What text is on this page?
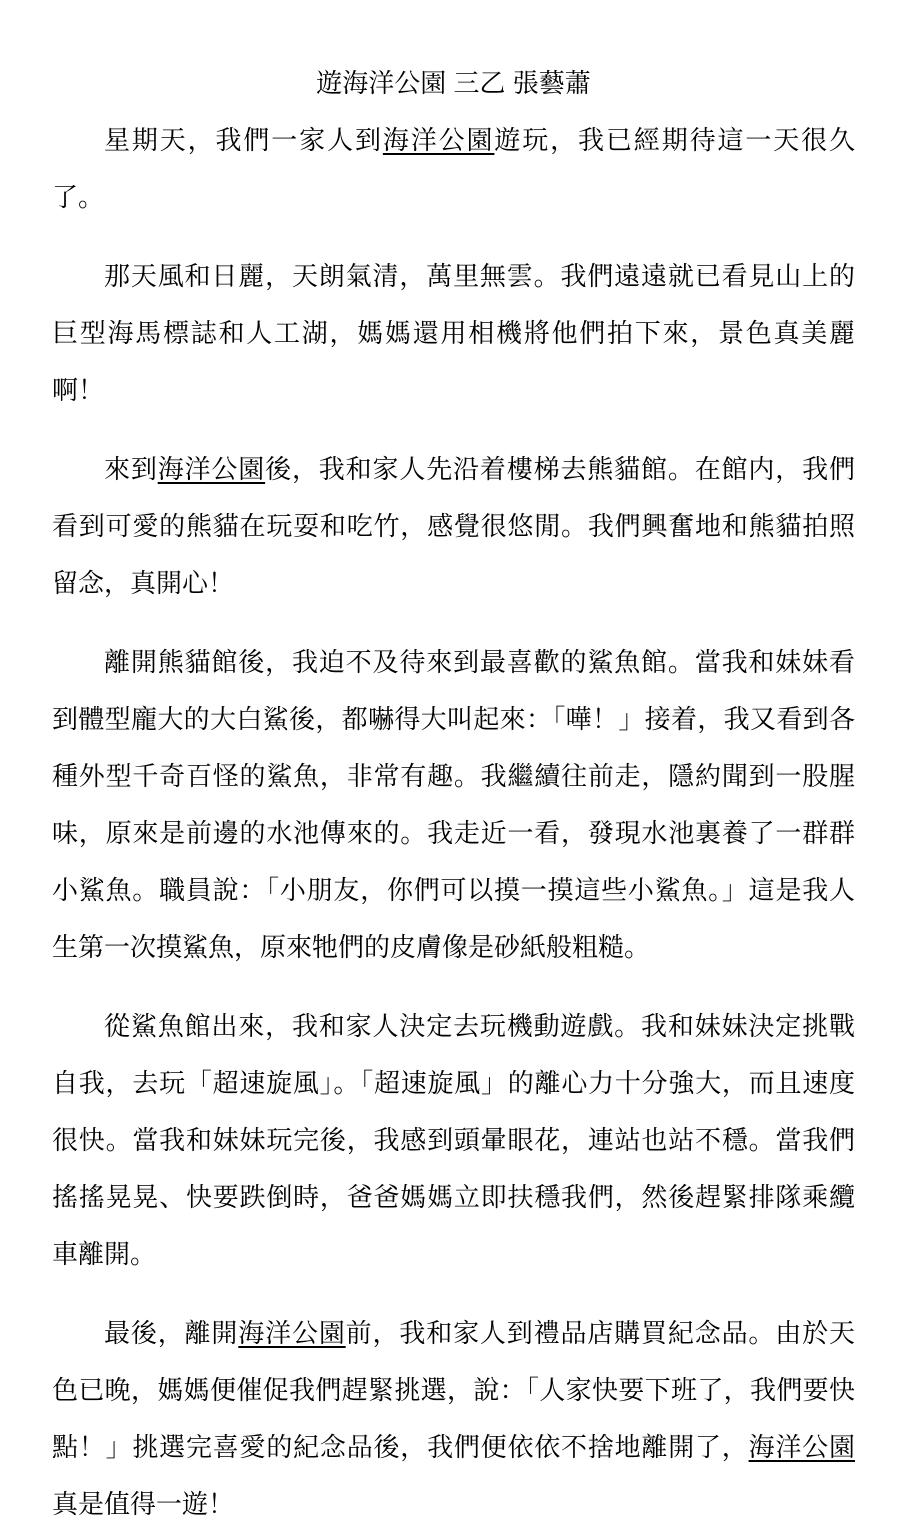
遊海洋公園 三乙 張藝蕭

星期天，我們一家人到海洋公園遊玩，我已經期待這一天很久了。

那天風和日麗，天朗氣清，萬里無雲。我們遠遠就已看見山上的巨型海馬標誌和人工湖，媽媽還用相機將他們拍下來，景色真美麗啊！

來到海洋公園後，我和家人先沿着樓梯去熊貓館。在館内，我們看到可愛的熊貓在玩耍和吃竹，感覺很悠閒。我們興奮地和熊貓拍照留念，真開心！

離開熊貓館後，我迫不及待來到最喜歡的鯊魚館。當我和妹妹看到體型龐大的大白鯊後，都嚇得大叫起來：「嘩！」接着，我又看到各種外型千奇百怪的鯊魚，非常有趣。我繼續往前走，隱約聞到一股腥味，原來是前邊的水池傳來的。我走近一看，發現水池裏養了一群群小鯊魚。職員說：「小朋友，你們可以摸一摸這些小鯊魚。」這是我人生第一次摸鯊魚，原來牠們的皮膚像是砂紙般粗糙。

從鯊魚館出來，我和家人決定去玩機動遊戲。我和妹妹決定挑戰自我，去玩「超速旋風」。「超速旋風」的離心力十分強大，而且速度很快。當我和妹妹玩完後，我感到頭暈眼花，連站也站不穩。當我們搖搖晃晃、快要跌倒時，爸爸媽媽立即扶穩我們，然後趕緊排隊乘纜車離開。

最後，離開海洋公園前，我和家人到禮品店購買紀念品。由於天色已晚，媽媽便催促我們趕緊挑選，說：「人家快要下班了，我們要快點！」挑選完喜愛的紀念品後，我們便依依不捨地離開了，海洋公園真是值得一遊！
